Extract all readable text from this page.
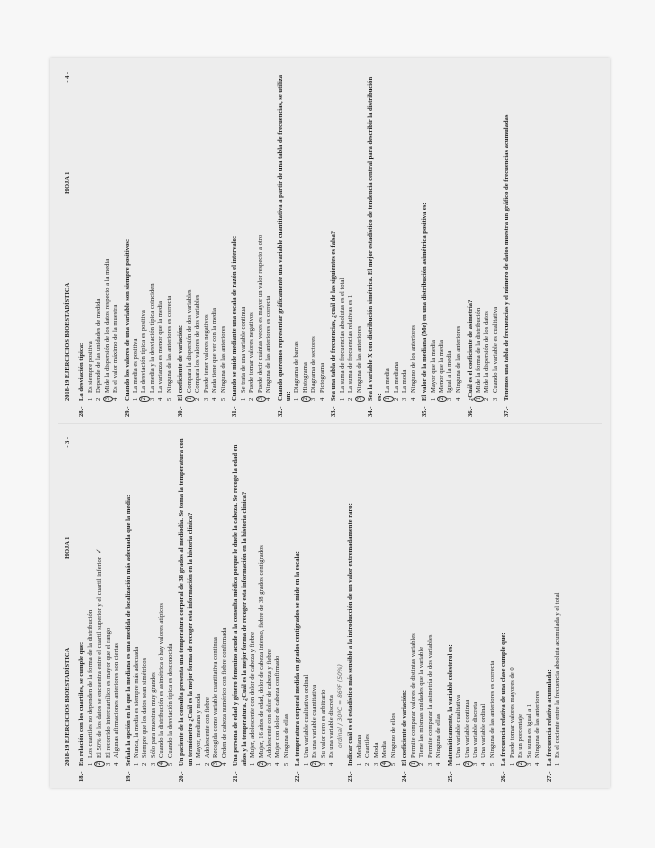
2018-19 EJERCICIOS BIOESTADÍSTICA
HOJA 1
- 3 -
18.-
En relación con los cuartiles, se cumple que: 1
Los cuartiles no dependen de la forma de la distribución
2
El 50% de los datos se encuentra entre el cuartil superior y el cuartil inferior✓
3
El recorrido intercuartílico es mayor que el rango
4
Algunas afirmaciones anteriores son ciertas
19.-
Señala la opción en la que la mediana es una medida de localización más adecuada que la media: 1
Nunca, la media es siempre más adecuada
2
Siempre que los datos sean simétricos
3
Sólo para muestras muy grandes
4
Cuando la distribución es asimétrica o hay valores atípicos
5
Cuando la desviación típica es desconocida
20.-
Un paciente de la consulta presenta una temperatura corporal de 38 grados al mediodía. Se toma la temperatura con un termómetro ¿Cuál es la mejor forma de recoger esta información en la historia clínica? 1
Mayor, mediana y moda
2
Adolescente con fiebre
3
Recogida como variable cuantitativa continua
4
Orden de cabeza numérico con fiebre confirmada
21.-
Una persona de edad y género femenino acude a la consulta médica porque le duele la cabeza. Se recoge la edad en años y la temperatura. ¿Cuál es la mejor forma de recoger esta información en la historia clínica? 1
Mujer, adolescente con dolor de cabeza y fiebre
2
Mujer, 16 años de edad, dolor de cabeza intenso, fiebre de 38 grados centígrados
3
Adolescente con dolor de cabeza y fiebre
4
Mujer con dolor de cabeza confirmado
5
Ninguna de ellas
22.-
La temperatura corporal medida en grados centígrados se mide en la escala: 1
Una variable cualitativa ordinal
2
Es una variable cuantitativa
3
Su valor cero es arbitrario
4
Es una variable discreta ordinal / 30ºC = 86ºF (50%)
23.-
Indicar cuál es el estadístico más sensible a la introducción de un valor extremadamente raro: 1
Mediana
2
Cuartiles
3
Moda
4
Media
5
Ninguno de ellos
24.-
El coeficiente de variación: 1
Permite comparar valores de distintas variables
2
Tiene las mismas unidades que la variable
3
Permite comparar la asimetría de dos variables
4
Ninguna de ellas
25.-
Matemáticamente, la variable colesterol es: 1
Una variable cualitativa
2
Una variable continua
3
Una variable discreta
4
Una variable ordinal
5
Ninguna de las anteriores es correcta
26.-
La frecuencia relativa de una clase cumple que: 1
Puede tomar valores mayores de 0
2
Es un porcentaje
3
Su suma es igual a 1
4
Ninguna de las anteriores
27.-
La frecuencia relativa acumulada: 1
Es el cociente entre la frecuencia absoluta acumulada y el total
2018-19 EJERCICIOS BIOESTADÍSTICA
HOJA 1
- 4 -
28.-
La desviación típica: 1
Es siempre positiva
2
Depende de las unidades de medida
3
Mide la dispersión de los datos respecto a la media
4
Es el valor máximo de la muestra
29.-
Cuando los valores de una variable son siempre positivos: 1
La media es positiva
2
La desviación típica es positiva
3
La media y la desviación típica coinciden
4
La varianza es menor que la media
5
Ninguna de las anteriores es correcta
30.-
El coeficiente de variación: 1
Compara la dispersión de dos variables
2
Compara los valores de dos variables
3
Puede tener valores negativos
4
Nada tiene que ver con la media
5
Ninguna de las anteriores
31.-
Cuando se mide mediante una escala de razón el intervalo: 1
Se trata de una variable continua
2
Puede tomar valores negativos
3
Puede decir cuántas veces es mayor un valor respecto a otro
4
Ninguna de las anteriores es correcta
32.-
Cuando queremos representar gráficamente una variable cuantitativa a partir de una tabla de frecuencias, se utiliza un: 1
Diagrama de barras
2
Histograma
3
Diagrama de sectores
4
Pictograma
33.-
Sea una tabla de frecuencias, ¿cuál de las siguientes es falsa? 1
La suma de frecuencias absolutas es el total
2
La suma de frecuencias relativas es 1
3
Ninguna de las anteriores
34.-
Sea la variable X con distribución simétrica. El mejor estadístico de tendencia central para describir la distribución es: 1
La media
2
La mediana
3
La moda
4
Ninguno de los anteriores
35.-
El valor de la mediana (Me) en una distribución asimétrica positiva es: 1
Mayor que la media
2
Menor que la media
3
Igual a la media
4
Ninguna de las anteriores
36.-
¿Cuál es el coeficiente de asimetría? 1
Mide la forma de la distribución
2
Mide la dispersión de los datos
3
Cuando la variable es cualitativa
37.-
Tenemos una tabla de frecuencias y el número de datos muestra un gráfico de frecuencias acumuladas
